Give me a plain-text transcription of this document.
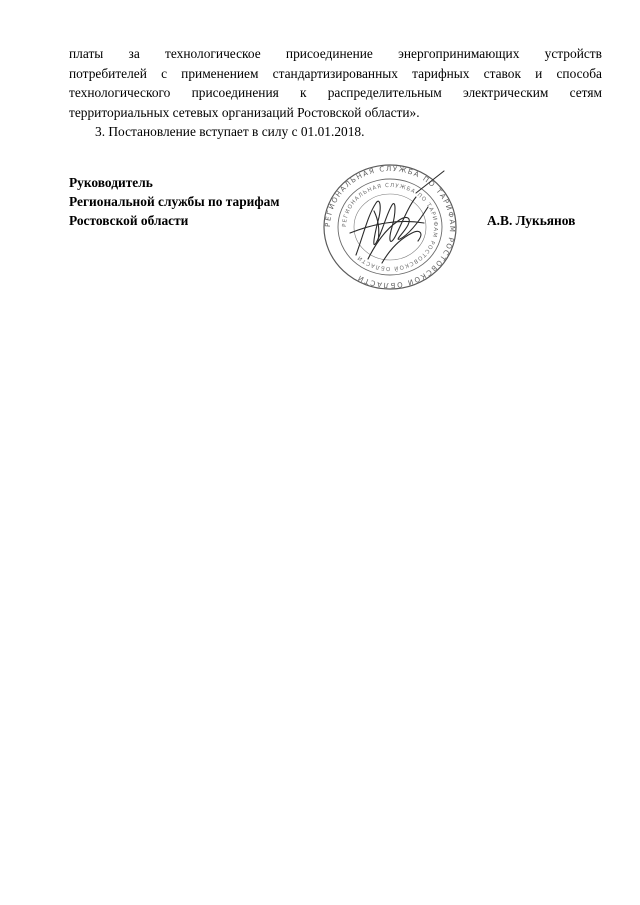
платы за технологическое присоединение энергопринимающих устройств
потребителей с применением стандартизированных тарифных ставок и способа
технологического присоединения к распределительным электрическим сетям
территориальных сетевых организаций Ростовской области».
3. Постановление вступает в силу с 01.01.2018.
Руководитель
Региональной службы по тарифам
Ростовской области	РЕГИОНАЛЬНАЯ СЛУЖБА ПО ТАРИФАМ РОСТОВСКОЙ ОБЛАСТИ
РЕГИОНАЛЬНАЯ СЛУЖБА ПО ТАРИФАМ РОСТОВСКОЙ ОБЛАСТИ
А.В. Лукьянов
